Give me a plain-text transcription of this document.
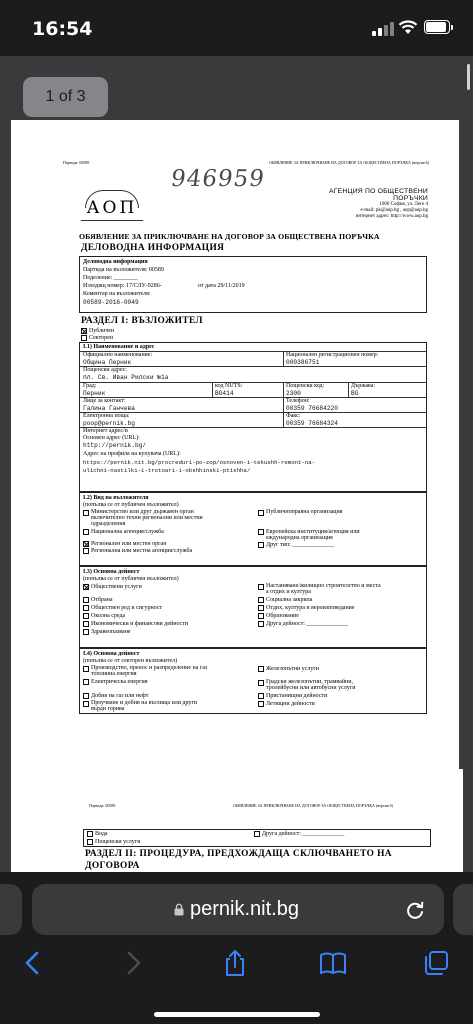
16:54
Партида: 00589	ОБЯВЛЕНИЕ ЗА ПРИКЛЮЧВАНЕ НА ДОГОВОР ЗА ОБЩЕСТВЕНА ПОРЪЧКА (версия 6)
946959
АОП
АГЕНЦИЯ ПО ОБЩЕСТВЕНИ ПОРЪЧКИ
1000 София, ул. Леге 4
e-mail: pk@aop.bg , aop@aop.bg
интернет адрес: http://www.aop.bg
ОБЯВЛЕНИЕ ЗА ПРИКЛЮЧВАНЕ НА ДОГОВОР ЗА ОБЩЕСТВЕНА ПОРЪЧКА
ДЕЛОВОДНА ИНФОРМАЦИЯ
Деловодна информация
Партида на възложителя: 00589
Поделение: ________
Изходящ номер: 17/СЛУ-9286-	от дата 29/11/2019
Коментар на възложителя:
00589-2016-0049
РАЗДЕЛ I: ВЪЗЛОЖИТЕЛ
Публичен
Секторен
I.1) Наименование и адрес
Официално наименование:
Община Перник
Национален регистрационен номер:
000386751
Пощенски адрес:
пл. Св. Иван Рилски №1а
Град:
Перник
код NUTS:
BG414
Пощенски код:
2300
Държава:
BG
Лице за контакт:
Галина Ганчева
Телефон:
00359 76684220
Електронна поща:
poop@pernik.bg
Факс:
00359 76684324
Интернет адрес/и
Основен адрес (URL):
http://pernik.bg/
Адрес на профила на купувача (URL):
https://pernik.nit.bg/procreduri-po-zop/osnoven-i-tekushh-remont-na-
ulichni-nastilki-i-trotoari-i-obshhinski-ptishha/
I.2) Вид на възложителя
(попълва се от публичен възложител)
Министерство или друг държавен орган
включително техни регионални или местни
одразделения
Национална агенция/служба
Регионален или местен орган
Регионална или местна агенция/служба
Публичноправна организация
Европейска институция/агенция или
еждународна организация
Друг тип: ______________
I.3) Основна дейност
(попълва се от публичен възложител)
Обществени услуги
Отбрана
Обществен ред и сигурност
Околна среда
Икономически и финансови дейности
Здравеопазване
Настаняване/жилищно строителство и места
а отдих и култура
Социална закрила
Отдих, култура и вероизповедание
Образование
Друга дейност: ______________
I.4) Основна дейност
(попълва се от секторен възложител)
Производство, пренос и разпределение на газ
топлинна енергия
Електрическа енергия
Добив на газ или нефт
Проучване и добив на въглища или други
върди горива
Железопътни услуги
Градски железопътни, трамвайни,
тролейбусни или автобусни услуги
Пристанищни дейности
Летищни дейности
Партида: 00589	ОБЯВЛЕНИЕ ЗА ПРИКЛЮЧВАНЕ НА ДОГОВОР ЗА ОБЩЕСТВЕНА ПОРЪЧКА (версия 6)
Вода
Пощенски услуги
Друга дейност: ______________
РАЗДЕЛ II: ПРОЦЕДУРА, ПРЕДХОЖДАЩА СКЛЮЧВАНЕТО НА
ДОГОВОРА
1 of 3
pernik.nit.bg
